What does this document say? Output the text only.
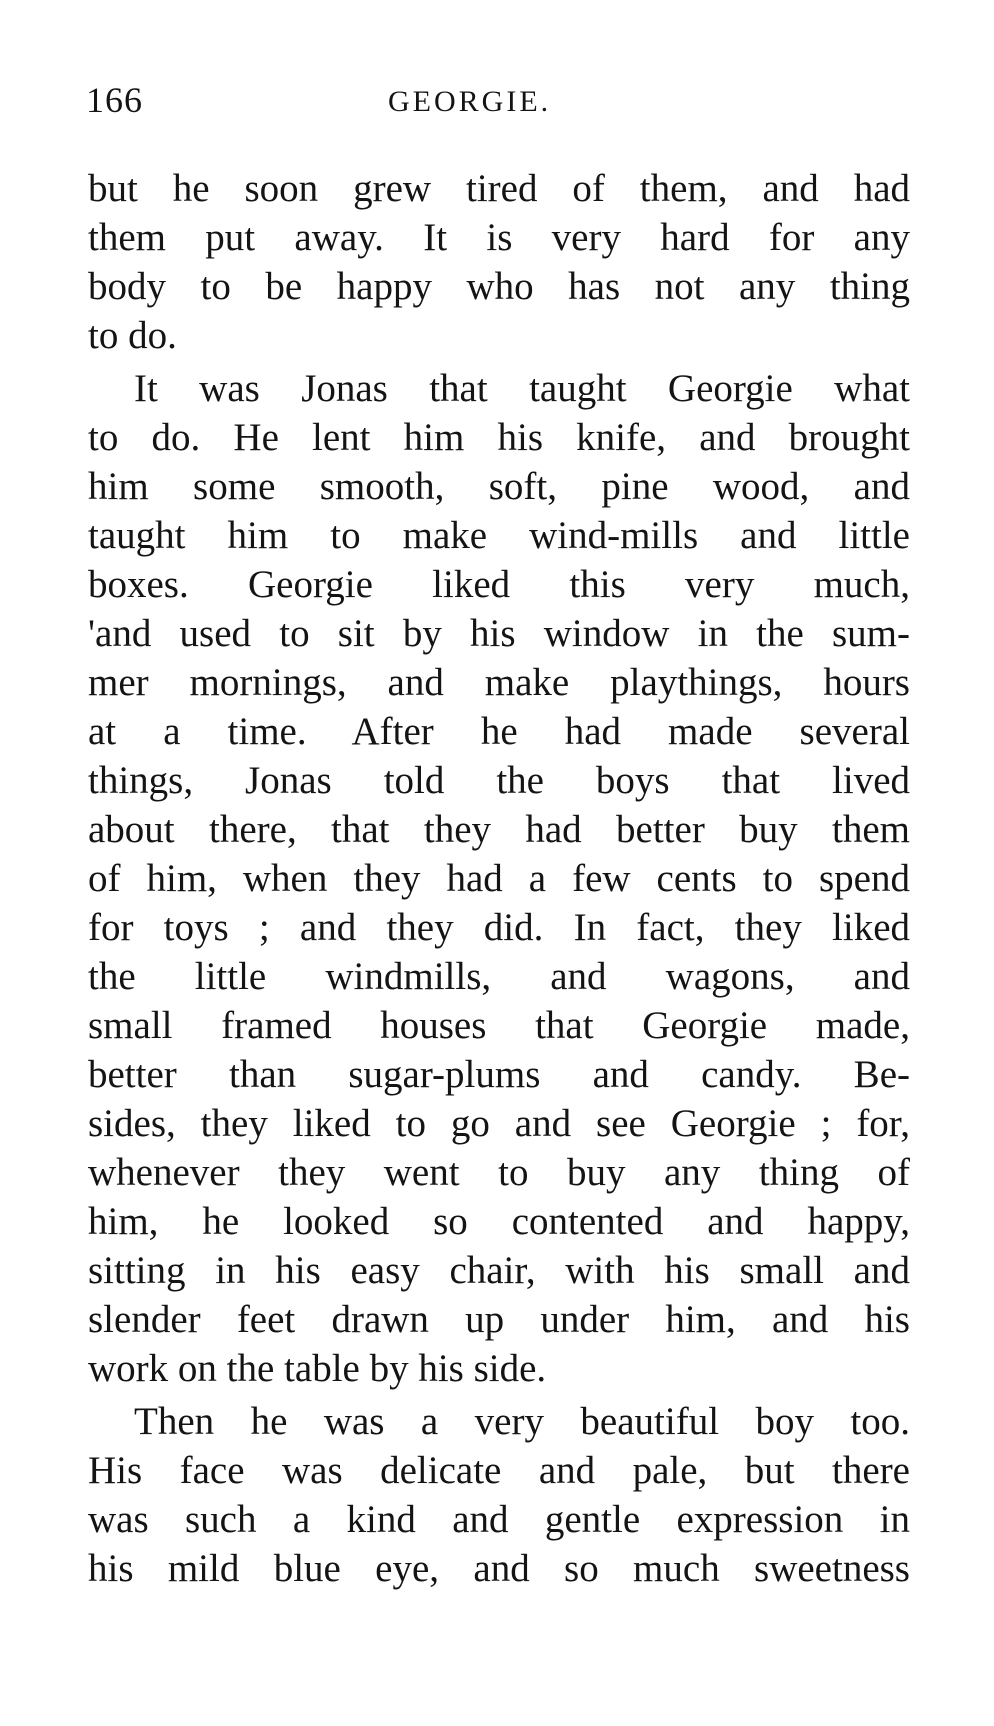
166	GEORGIE.
but he soon grew tired of them, and had
them put away. It is very hard for any
body to be happy who has not any thing
to do.
It was Jonas that taught Georgie what
to do. He lent him his knife, and brought
him some smooth, soft, pine wood, and
taught him to make wind-mills and little
boxes. Georgie liked this very much,
'and used to sit by his window in the sum-
mer mornings, and make playthings, hours
at a time. After he had made several
things, Jonas told the boys that lived
about there, that they had better buy them
of him, when they had a few cents to spend
for toys ; and they did. In fact, they liked
the little windmills, and wagons, and
small framed houses that Georgie made,
better than sugar-plums and candy. Be-
sides, they liked to go and see Georgie ; for,
whenever they went to buy any thing of
him, he looked so contented and happy,
sitting in his easy chair, with his small and
slender feet drawn up under him, and his
work on the table by his side.
Then he was a very beautiful boy too.
His face was delicate and pale, but there
was such a kind and gentle expression in
his mild blue eye, and so much sweetness
